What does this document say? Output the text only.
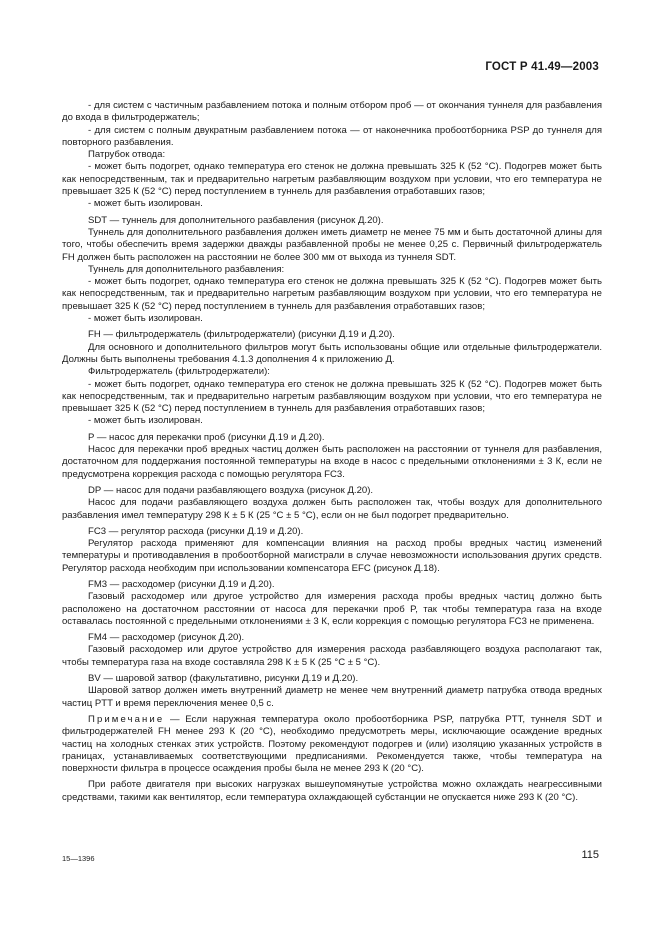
ГОСТ Р 41.49—2003

- для систем с частичным разбавлением потока и полным отбором проб — от окончания туннеля для разбавления до входа в фильтродержатель;

- для систем с полным двукратным разбавлением потока — от наконечника пробоотборника PSP до туннеля для повторного разбавления.

Патрубок отвода:

- может быть подогрет, однако температура его стенок не должна превышать 325 К (52 °С). Подогрев может быть как непосредственным, так и предварительно нагретым разбавляющим воздухом при условии, что его температура не превышает 325 К (52 °С) перед поступлением в туннель для разбавления отработавших газов;

- может быть изолирован.

SDT — туннель для дополнительного разбавления (рисунок Д.20).

Туннель для дополнительного разбавления должен иметь диаметр не менее 75 мм и быть достаточной длины для того, чтобы обеспечить время задержки дважды разбавленной пробы не менее 0,25 с. Первичный фильтродержатель FH должен быть расположен на расстоянии не более 300 мм от выхода из туннеля SDT.

Туннель для дополнительного разбавления:

- может быть подогрет, однако температура его стенок не должна превышать 325 К (52 °С). Подогрев может быть как непосредственным, так и предварительно нагретым разбавляющим воздухом при условии, что его температура не превышает 325 К (52 °С) перед поступлением в туннель для разбавления отработавших газов;

- может быть изолирован.

FH — фильтродержатель (фильтродержатели) (рисунки Д.19 и Д.20).

Для основного и дополнительного фильтров могут быть использованы общие или отдельные фильтродержатели. Должны быть выполнены требования 4.1.3 дополнения 4 к приложению Д.

Фильтродержатель (фильтродержатели):

- может быть подогрет, однако температура его стенок не должна превышать 325 К (52 °С). Подогрев может быть как непосредственным, так и предварительно нагретым разбавляющим воздухом при условии, что его температура не превышает 325 К (52 °С) перед поступлением в туннель для разбавления отработавших газов;

- может быть изолирован.

P — насос для перекачки проб (рисунки Д.19 и Д.20).

Насос для перекачки проб вредных частиц должен быть расположен на расстоянии от туннеля для разбавления, достаточном для поддержания постоянной температуры на входе в насос с предельными отклонениями ± 3 К, если не предусмотрена коррекция расхода с помощью регулятора FC3.

DP — насос для подачи разбавляющего воздуха (рисунок Д.20).

Насос для подачи разбавляющего воздуха должен быть расположен так, чтобы воздух для дополнительного разбавления имел температуру 298 К ± 5 К (25 °С ± 5 °С), если он не был подогрет предварительно.

FC3 — регулятор расхода (рисунки Д.19 и Д.20).

Регулятор расхода применяют для компенсации влияния на расход пробы вредных частиц изменений температуры и противодавления в пробоотборной магистрали в случае невозможности использования других средств. Регулятор расхода необходим при использовании компенсатора EFC (рисунок Д.18).

FM3 — расходомер (рисунки Д.19 и Д.20).

Газовый расходомер или другое устройство для измерения расхода пробы вредных частиц должно быть расположено на достаточном расстоянии от насоса для перекачки проб P, так чтобы температура газа на входе оставалась постоянной с предельными отклонениями ± 3 К, если коррекция с помощью регулятора FC3 не применена.

FM4 — расходомер (рисунок Д.20).

Газовый расходомер или другое устройство для измерения расхода разбавляющего воздуха располагают так, чтобы температура газа на входе составляла 298 К ± 5 К (25 °С ± 5 °С).

BV — шаровой затвор (факультативно, рисунки Д.19 и Д.20).

Шаровой затвор должен иметь внутренний диаметр не менее чем внутренний диаметр патрубка отвода вредных частиц PTT и время переключения менее 0,5 с.

Примечание — Если наружная температура около пробоотборника PSP, патрубка PTT, туннеля SDT и фильтродержателей FH менее 293 К (20 °С), необходимо предусмотреть меры, исключающие осаждение вредных частиц на холодных стенках этих устройств. Поэтому рекомендуют подогрев и (или) изоляцию указанных устройств в границах, устанавливаемых соответствующими предписаниями. Рекомендуется также, чтобы температура на поверхности фильтра в процессе осаждения пробы была не менее 293 К (20 °С).

При работе двигателя при высоких нагрузках вышеупомянутые устройства можно охлаждать неагрессивными средствами, такими как вентилятор, если температура охлаждающей субстанции не опускается ниже 293 К (20 °С).

15—1396	115
